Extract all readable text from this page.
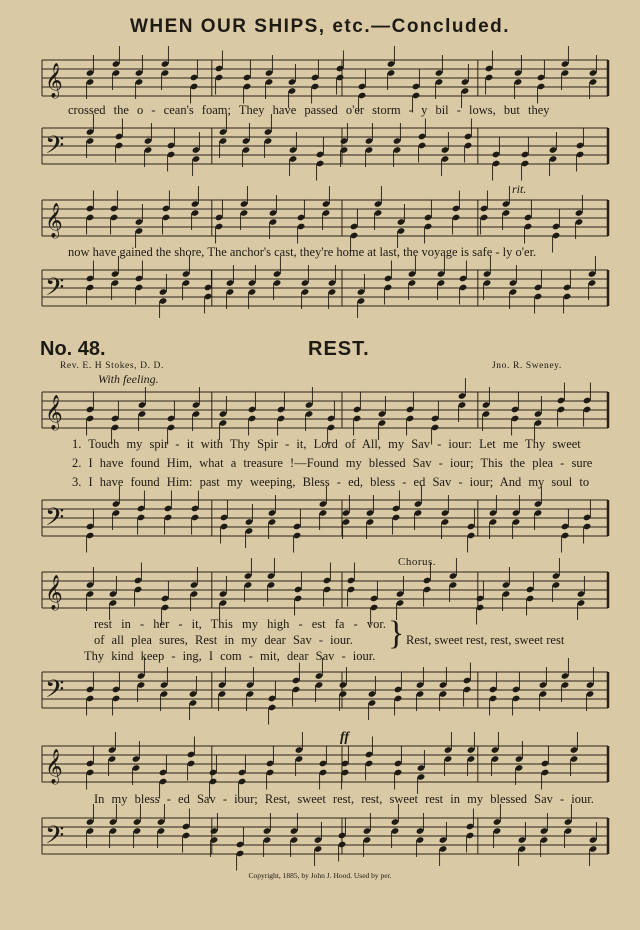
WHEN OUR SHIPS, etc.—Concluded.
𝄞
crossed the o - cean's foam; They have passed o'er storm - y bil - lows, but they
𝄢
rit.
𝄞
now have gained the shore, The anchor's cast, they're home at last, the voyage is safe - ly o'er.
𝄢
No. 48.	REST.
Rev. E. H Stokes, D. D.	Jno. R. Sweney.
With feeling.
𝄞
1. Touch my spir - it with Thy Spir - it, Lord of All, my Sav - iour: Let me Thy sweet
2. I have found Him, what a treasure !—Found my blessed Sav - iour; This the plea - sure
3. I have found Him: past my weeping, Bless - ed, bless - ed Sav - iour; And my soul to
𝄢
Chorus.
𝄞
rest in - her - it, This my high - est fa - vor.
of all plea sures, Rest in my dear Sav - iour.
Thy kind keep - ing, I com - mit, dear Sav - iour.
} Rest, sweet rest, rest, sweet rest
𝄢
ff
𝄞
In my bless - ed Sav - iour; Rest, sweet rest, rest, sweet rest in my blessed Sav - iour.
𝄢
Copyright, 1885, by John J. Hood. Used by per.
